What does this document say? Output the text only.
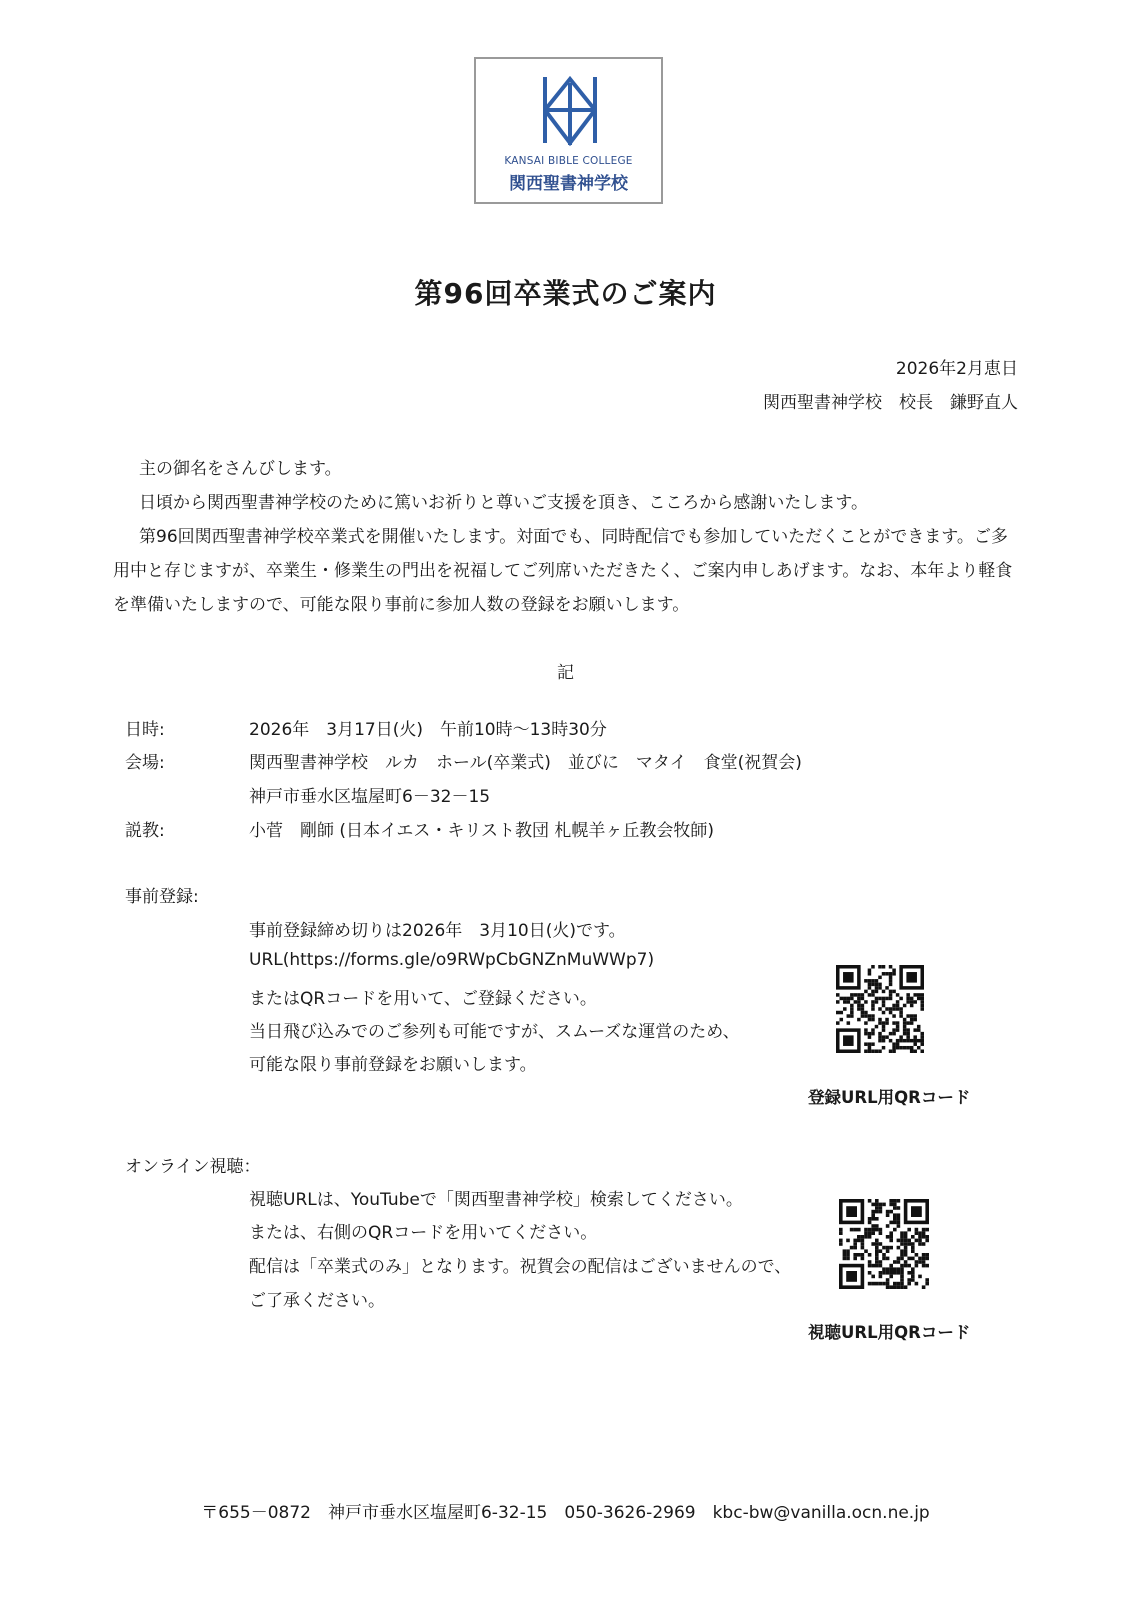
KANSAI BIBLE COLLEGE
関西聖書神学校
第96回卒業式のご案内
2026年2月恵日
関西聖書神学校　校長　鎌野直人
主の御名をさんびします。
日頃から関西聖書神学校のために篤いお祈りと尊いご支援を頂き、こころから感謝いたします。
第96回関西聖書神学校卒業式を開催いたします。対面でも、同時配信でも参加していただくことができます。ご多用中と存じますが、卒業生・修業生の門出を祝福してご列席いただきたく、ご案内申しあげます。なお、本年より軽食を準備いたしますので、可能な限り事前に参加人数の登録をお願いします。
記
日時:	2026年　3月17日(火)　午前10時～13時30分
会場:	関西聖書神学校　ルカ　ホール(卒業式)　並びに　マタイ　食堂(祝賀会)
神戸市垂水区塩屋町6－32－15
説教:	小菅　剛師 (日本イエス・キリスト教団 札幌羊ヶ丘教会牧師)
事前登録:
事前登録締め切りは2026年　3月10日(火)です。
URL(https://forms.gle/o9RWpCbGNZnMuWWp7)
またはQRコードを用いて、ご登録ください。
当日飛び込みでのご参列も可能ですが、スムーズな運営のため、
可能な限り事前登録をお願いします。
登録URL用QRコード
オンライン視聴：
視聴URLは、YouTubeで「関西聖書神学校」検索してください。
または、右側のQRコードを用いてください。
配信は「卒業式のみ」となります。祝賀会の配信はございませんので、
ご了承ください。
視聴URL用QRコード
〒655－0872　神戸市垂水区塩屋町6-32-15　050-3626-2969　kbc-bw@vanilla.ocn.ne.jp
